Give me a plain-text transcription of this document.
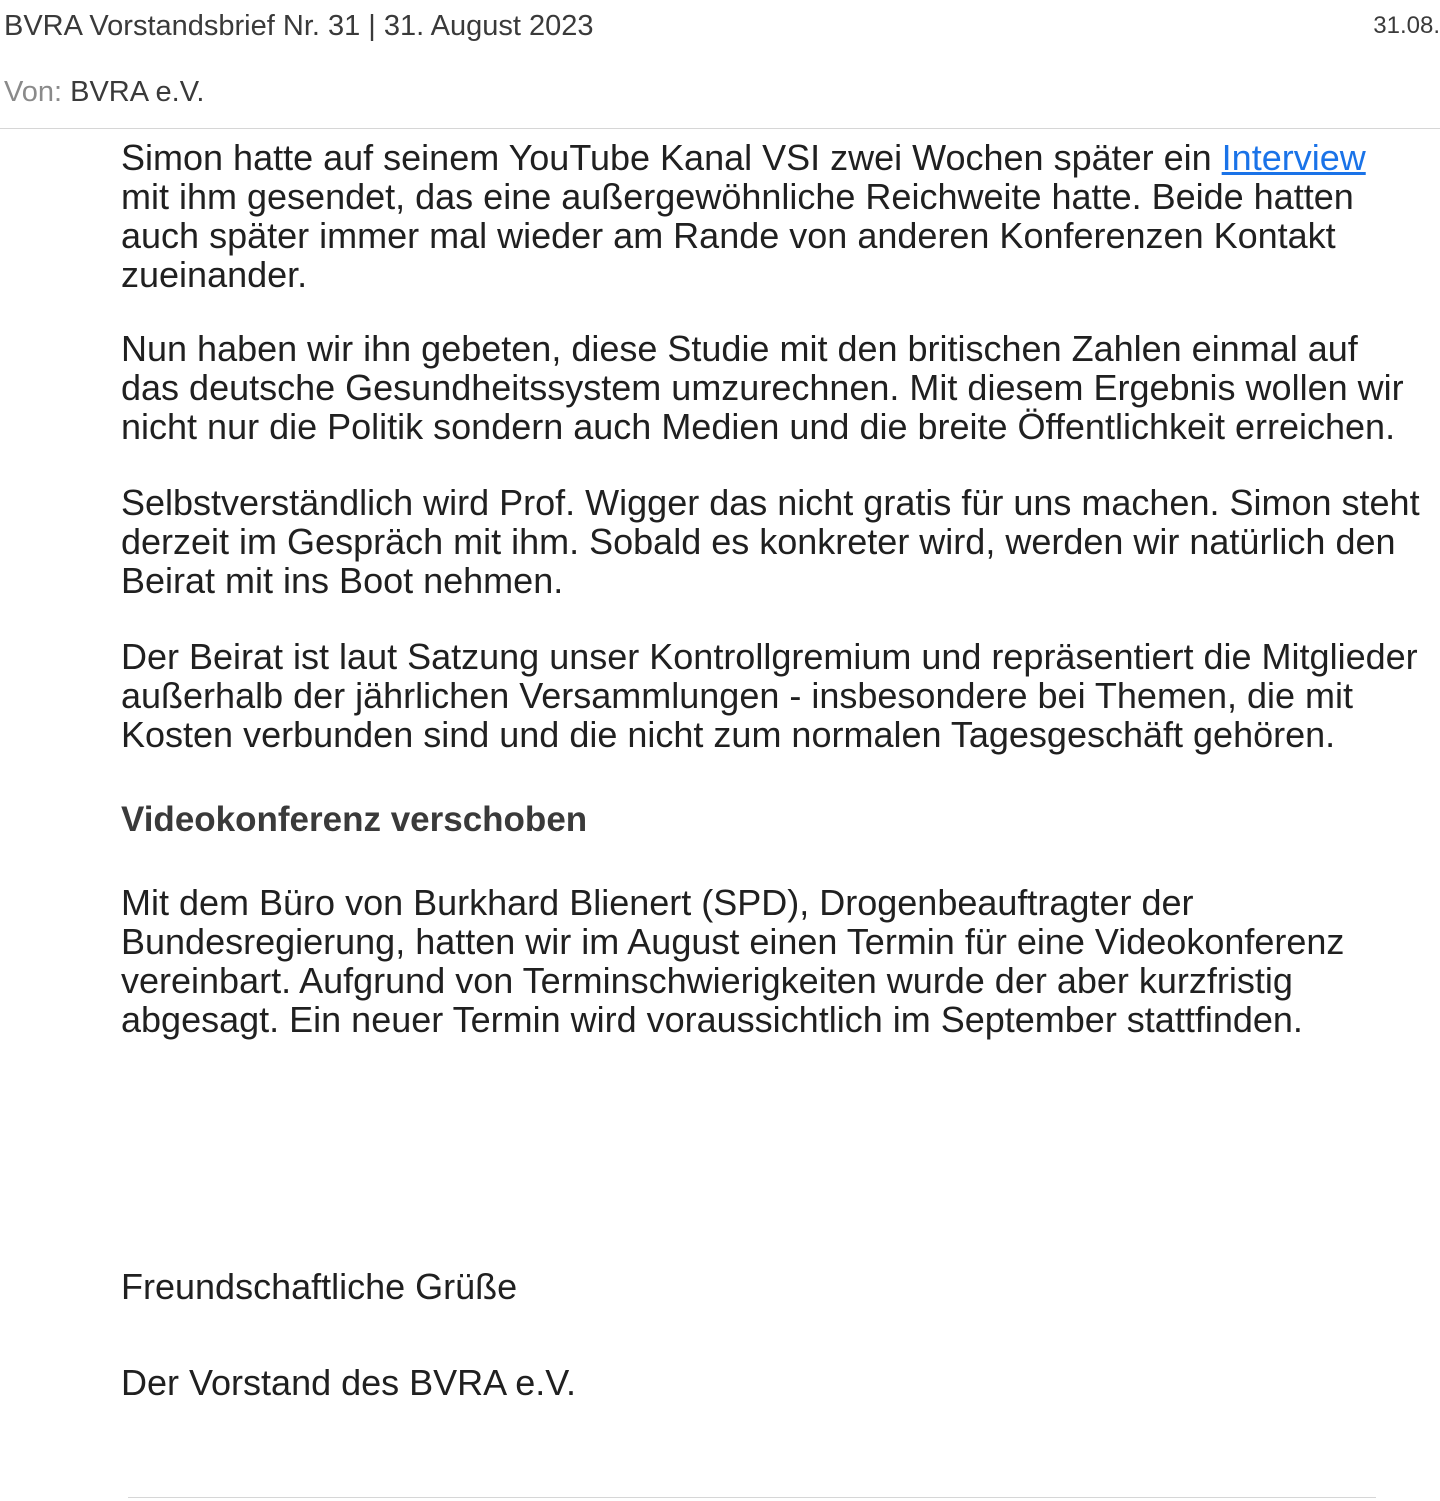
BVRA Vorstandsbrief Nr. 31 | 31. August 2023	31.08.
Von: BVRA e.V.

Simon hatte auf seinem YouTube Kanal VSI zwei Wochen später ein Interview mit ihm gesendet, das eine außergewöhnliche Reichweite hatte. Beide hatten auch später immer mal wieder am Rande von anderen Konferenzen Kontakt zueinander.

Nun haben wir ihn gebeten, diese Studie mit den britischen Zahlen einmal auf das deutsche Gesundheitssystem umzurechnen. Mit diesem Ergebnis wollen wir nicht nur die Politik sondern auch Medien und die breite Öffentlichkeit erreichen.

Selbstverständlich wird Prof. Wigger das nicht gratis für uns machen. Simon steht derzeit im Gespräch mit ihm. Sobald es konkreter wird, werden wir natürlich den Beirat mit ins Boot nehmen.

Der Beirat ist laut Satzung unser Kontrollgremium und repräsentiert die Mitglieder außerhalb der jährlichen Versammlungen - insbesondere bei Themen, die mit Kosten verbunden sind und die nicht zum normalen Tagesgeschäft gehören.

Videokonferenz verschoben

Mit dem Büro von Burkhard Blienert (SPD), Drogenbeauftragter der Bundesregierung, hatten wir im August einen Termin für eine Videokonferenz vereinbart. Aufgrund von Terminschwierigkeiten wurde der aber kurzfristig abgesagt. Ein neuer Termin wird voraussichtlich im September stattfinden.

Freundschaftliche Grüße
Der Vorstand des BVRA e.V.
